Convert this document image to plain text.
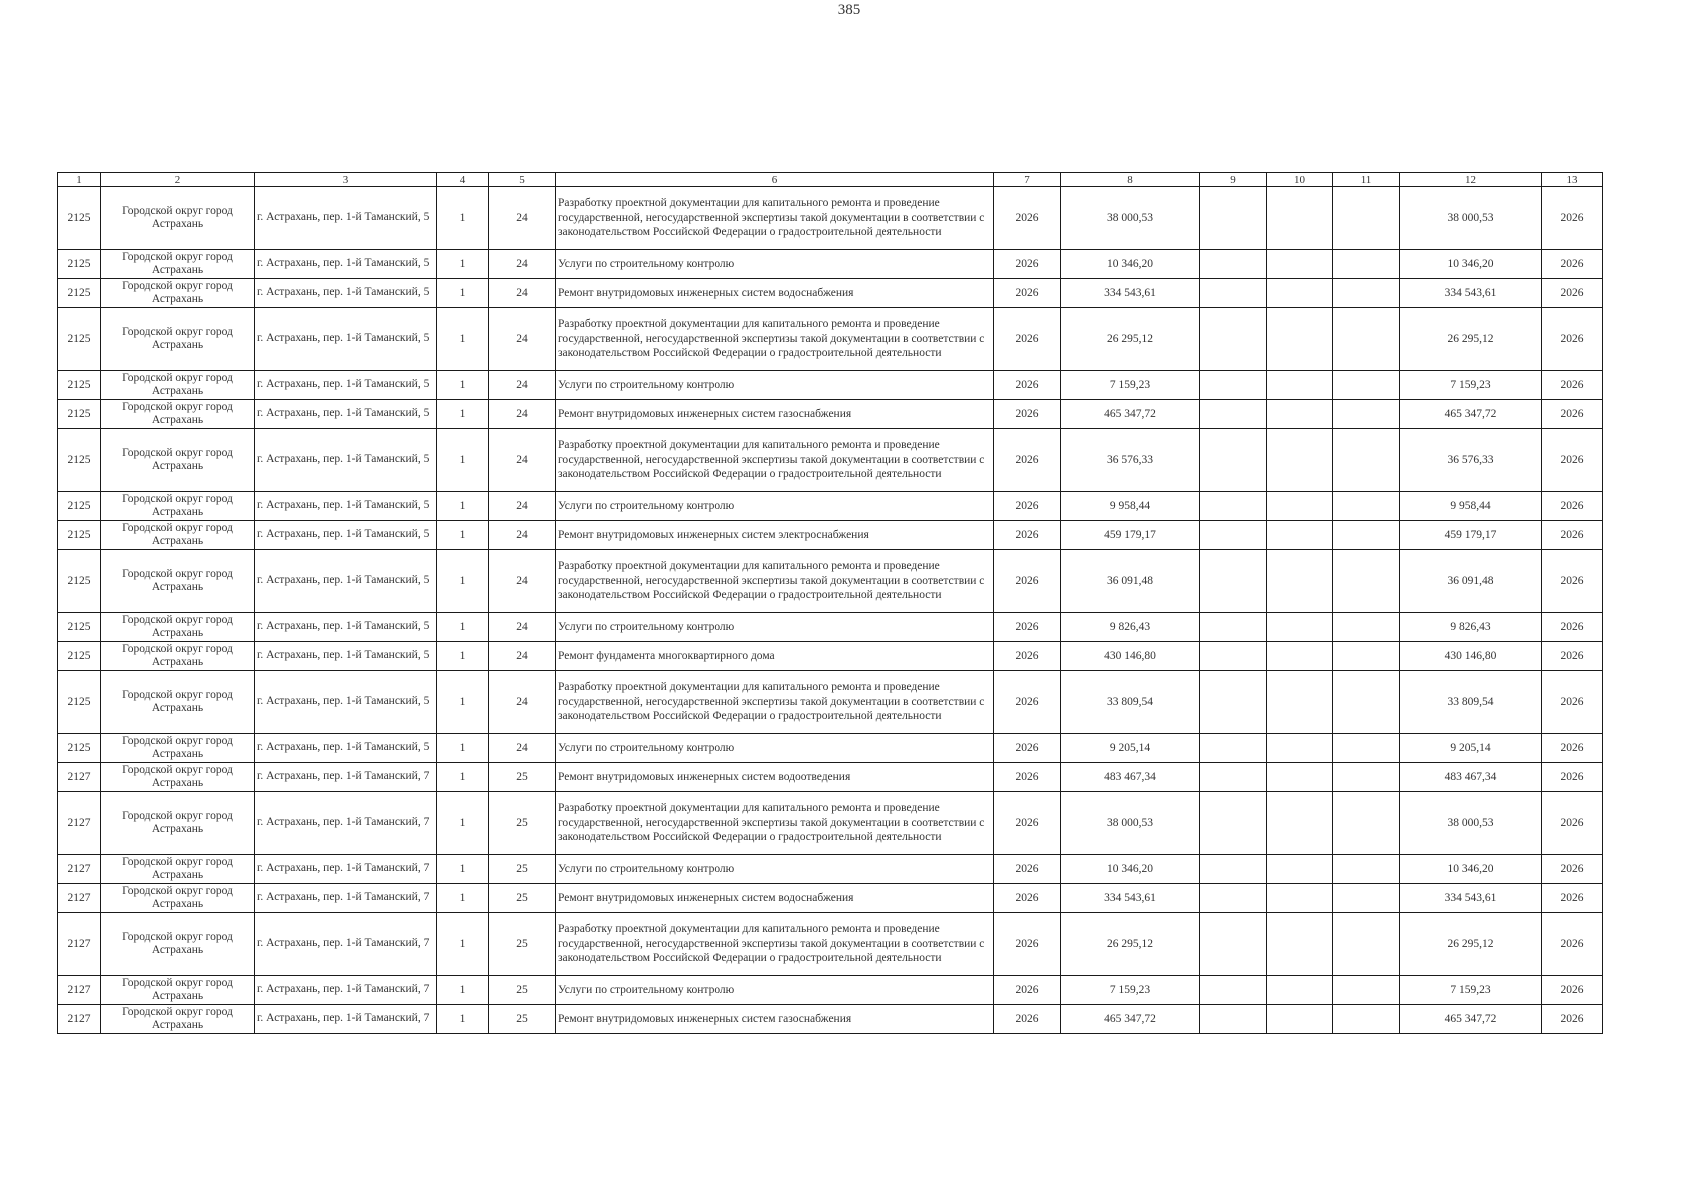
385
1	2	3	4	5	6	7	8	9	10	11	12	13
2125	Городской округ город Астрахань	г. Астрахань, пер. 1-й Таманский, 5	1	24	Разработку проектной документации для капитального ремонта и проведение государственной, негосударственной экспертизы такой документации в соответствии с законодательством Российской Федерации о градостроительной деятельности	2026	38 000,53				38 000,53	2026
2125	Городской округ город Астрахань	г. Астрахань, пер. 1-й Таманский, 5	1	24	Услуги по строительному контролю	2026	10 346,20				10 346,20	2026
2125	Городской округ город Астрахань	г. Астрахань, пер. 1-й Таманский, 5	1	24	Ремонт внутридомовых инженерных систем водоснабжения	2026	334 543,61				334 543,61	2026
2125	Городской округ город Астрахань	г. Астрахань, пер. 1-й Таманский, 5	1	24	Разработку проектной документации для капитального ремонта и проведение государственной, негосударственной экспертизы такой документации в соответствии с законодательством Российской Федерации о градостроительной деятельности	2026	26 295,12				26 295,12	2026
2125	Городской округ город Астрахань	г. Астрахань, пер. 1-й Таманский, 5	1	24	Услуги по строительному контролю	2026	7 159,23				7 159,23	2026
2125	Городской округ город Астрахань	г. Астрахань, пер. 1-й Таманский, 5	1	24	Ремонт внутридомовых инженерных систем газоснабжения	2026	465 347,72				465 347,72	2026
2125	Городской округ город Астрахань	г. Астрахань, пер. 1-й Таманский, 5	1	24	Разработку проектной документации для капитального ремонта и проведение государственной, негосударственной экспертизы такой документации в соответствии с законодательством Российской Федерации о градостроительной деятельности	2026	36 576,33				36 576,33	2026
2125	Городской округ город Астрахань	г. Астрахань, пер. 1-й Таманский, 5	1	24	Услуги по строительному контролю	2026	9 958,44				9 958,44	2026
2125	Городской округ город Астрахань	г. Астрахань, пер. 1-й Таманский, 5	1	24	Ремонт внутридомовых инженерных систем электроснабжения	2026	459 179,17				459 179,17	2026
2125	Городской округ город Астрахань	г. Астрахань, пер. 1-й Таманский, 5	1	24	Разработку проектной документации для капитального ремонта и проведение государственной, негосударственной экспертизы такой документации в соответствии с законодательством Российской Федерации о градостроительной деятельности	2026	36 091,48				36 091,48	2026
2125	Городской округ город Астрахань	г. Астрахань, пер. 1-й Таманский, 5	1	24	Услуги по строительному контролю	2026	9 826,43				9 826,43	2026
2125	Городской округ город Астрахань	г. Астрахань, пер. 1-й Таманский, 5	1	24	Ремонт фундамента многоквартирного дома	2026	430 146,80				430 146,80	2026
2125	Городской округ город Астрахань	г. Астрахань, пер. 1-й Таманский, 5	1	24	Разработку проектной документации для капитального ремонта и проведение государственной, негосударственной экспертизы такой документации в соответствии с законодательством Российской Федерации о градостроительной деятельности	2026	33 809,54				33 809,54	2026
2125	Городской округ город Астрахань	г. Астрахань, пер. 1-й Таманский, 5	1	24	Услуги по строительному контролю	2026	9 205,14				9 205,14	2026
2127	Городской округ город Астрахань	г. Астрахань, пер. 1-й Таманский, 7	1	25	Ремонт внутридомовых инженерных систем водоотведения	2026	483 467,34				483 467,34	2026
2127	Городской округ город Астрахань	г. Астрахань, пер. 1-й Таманский, 7	1	25	Разработку проектной документации для капитального ремонта и проведение государственной, негосударственной экспертизы такой документации в соответствии с законодательством Российской Федерации о градостроительной деятельности	2026	38 000,53				38 000,53	2026
2127	Городской округ город Астрахань	г. Астрахань, пер. 1-й Таманский, 7	1	25	Услуги по строительному контролю	2026	10 346,20				10 346,20	2026
2127	Городской округ город Астрахань	г. Астрахань, пер. 1-й Таманский, 7	1	25	Ремонт внутридомовых инженерных систем водоснабжения	2026	334 543,61				334 543,61	2026
2127	Городской округ город Астрахань	г. Астрахань, пер. 1-й Таманский, 7	1	25	Разработку проектной документации для капитального ремонта и проведение государственной, негосударственной экспертизы такой документации в соответствии с законодательством Российской Федерации о градостроительной деятельности	2026	26 295,12				26 295,12	2026
2127	Городской округ город Астрахань	г. Астрахань, пер. 1-й Таманский, 7	1	25	Услуги по строительному контролю	2026	7 159,23				7 159,23	2026
2127	Городской округ город Астрахань	г. Астрахань, пер. 1-й Таманский, 7	1	25	Ремонт внутридомовых инженерных систем газоснабжения	2026	465 347,72				465 347,72	2026
